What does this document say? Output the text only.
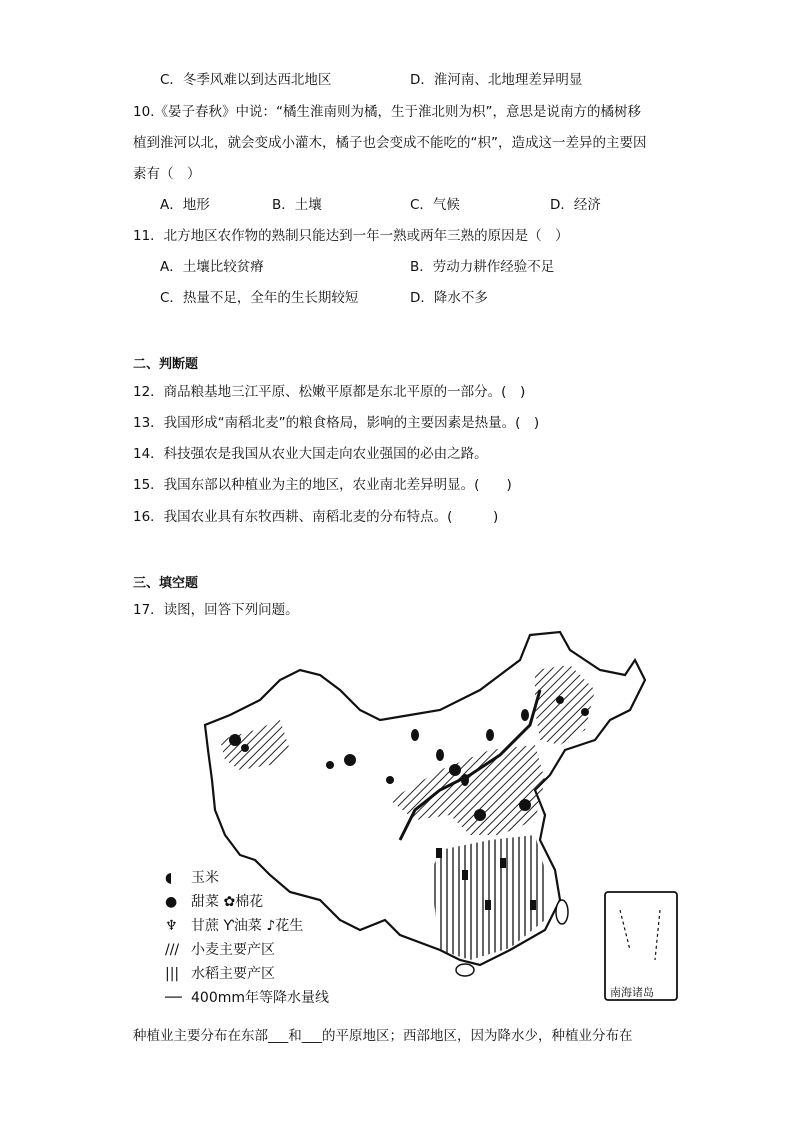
C．冬季风难以到达西北地区	D．淮河南、北地理差异明显
10.《晏子春秋》中说：“橘生淮南则为橘，生于淮北则为枳”，意思是说南方的橘树移
植到淮河以北，就会变成小灌木，橘子也会变成不能吃的“枳”，造成这一差异的主要因
素有（　）
A．地形	B．土壤	C．气候	D．经济
11．北方地区农作物的熟制只能达到一年一熟或两年三熟的原因是（　）
A．土壤比较贫瘠	B．劳动力耕作经验不足
C．热量不足，全年的生长期较短	D．降水不多
二、判断题
12．商品粮基地三江平原、松嫩平原都是东北平原的一部分。(　)
13．我国形成“南稻北麦”的粮食格局，影响的主要因素是热量。(　)
14．科技强农是我国从农业大国走向农业强国的必由之路。
15．我国东部以种植业为主的地区，农业南北差异明显。(　　)
16．我国农业具有东牧西耕、南稻北麦的分布特点。(　　　)
三、填空题
17．读图，回答下列问题。
南海诸岛
◖ 玉米
● 甜菜 ✿棉花
♆ 甘蔗 Ƴ油菜 ♪花生
/// 小麦主要产区
||| 水稻主要产区
── 400mm年等降水量线
种植业主要分布在东部___和___的平原地区；西部地区，因为降水少，种植业分布在
